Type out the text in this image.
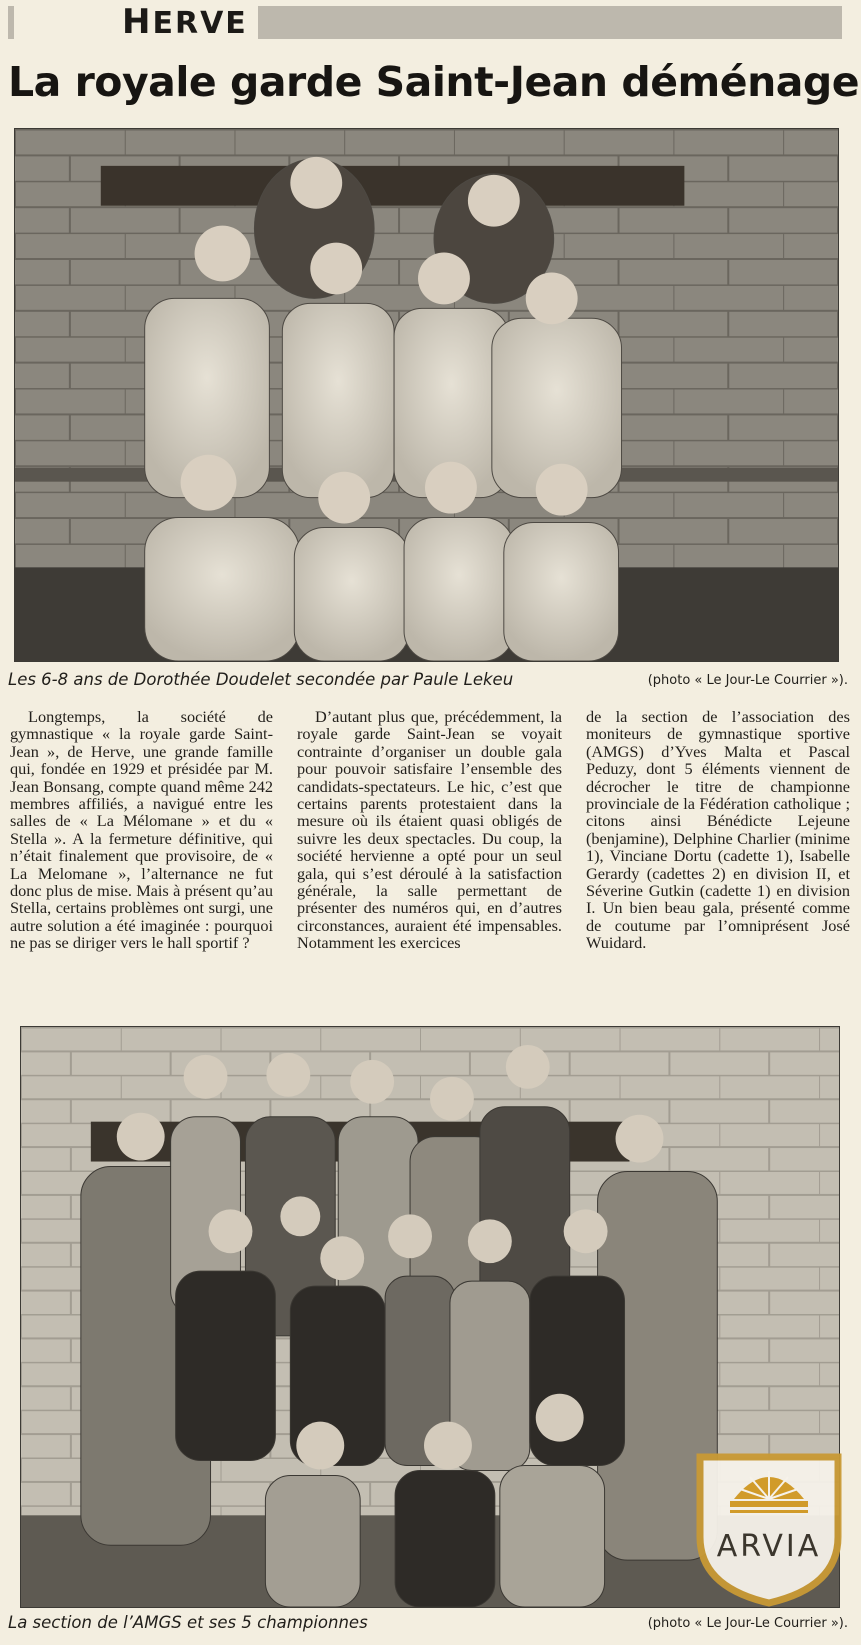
HERVE
La royale garde Saint-Jean déménage
Les 6-8 ans de Dorothée Doudelet secondée par Paule Lekeu	(photo « Le Jour-Le Courrier »).

Longtemps, la société de gymnastique « la royale garde Saint-Jean », de Herve, une grande famille qui, fondée en 1929 et présidée par M. Jean Bonsang, compte quand même 242 membres affiliés, a navigué entre les salles de « La Mélomane » et du « Stella ». A la fermeture définitive, qui n’était finalement que provisoire, de « La Melomane », l’alternance ne fut donc plus de mise. Mais à présent qu’au Stella, certains problèmes ont surgi, une autre solution a été imaginée : pourquoi ne pas se diriger vers le hall sportif ?

D’autant plus que, précédemment, la royale garde Saint-Jean se voyait contrainte d’organiser un double gala pour pouvoir satisfaire l’ensemble des candidats-spectateurs. Le hic, c’est que certains parents protestaient dans la mesure où ils étaient quasi obligés de suivre les deux spectacles. Du coup, la société hervienne a opté pour un seul gala, qui s’est déroulé à la satisfaction générale, la salle permettant de présenter des numéros qui, en d’autres circonstances, auraient été impensables. Notamment les exercices

de la section de l’association des moniteurs de gymnastique sportive (AMGS) d’Yves Malta et Pascal Peduzy, dont 5 éléments viennent de décrocher le titre de championne provinciale de la Fédération catholique ; citons ainsi Bénédicte Lejeune (benjamine), Delphine Charlier (minime 1), Vinciane Dortu (cadette 1), Isabelle Gerardy (cadettes 2) en division II, et Séverine Gutkin (cadette 1) en division I. Un bien beau gala, présenté comme de coutume par l’omniprésent José Wuidard.

La section de l’AMGS et ses 5 championnes	(photo « Le Jour-Le Courrier »).
ARVIA
